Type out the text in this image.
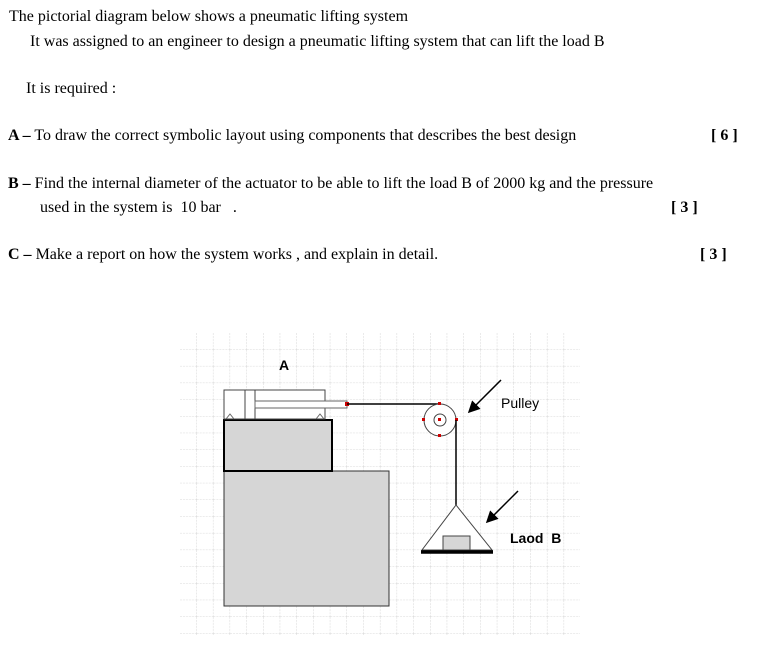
The pictorial diagram below shows a pneumatic lifting system
It was assigned to an engineer to design a pneumatic lifting system that can lift the load B
It is required :
A – To draw the correct symbolic layout using components that describes the best design	[ 6 ]
B – Find the internal diameter of the actuator to be able to lift the load B of 2000 kg and the pressure
used in the system is  10 bar   .	[ 3 ]
C – Make a report on how the system works , and explain in detail.	[ 3 ]
A
Pulley
Laod  B
